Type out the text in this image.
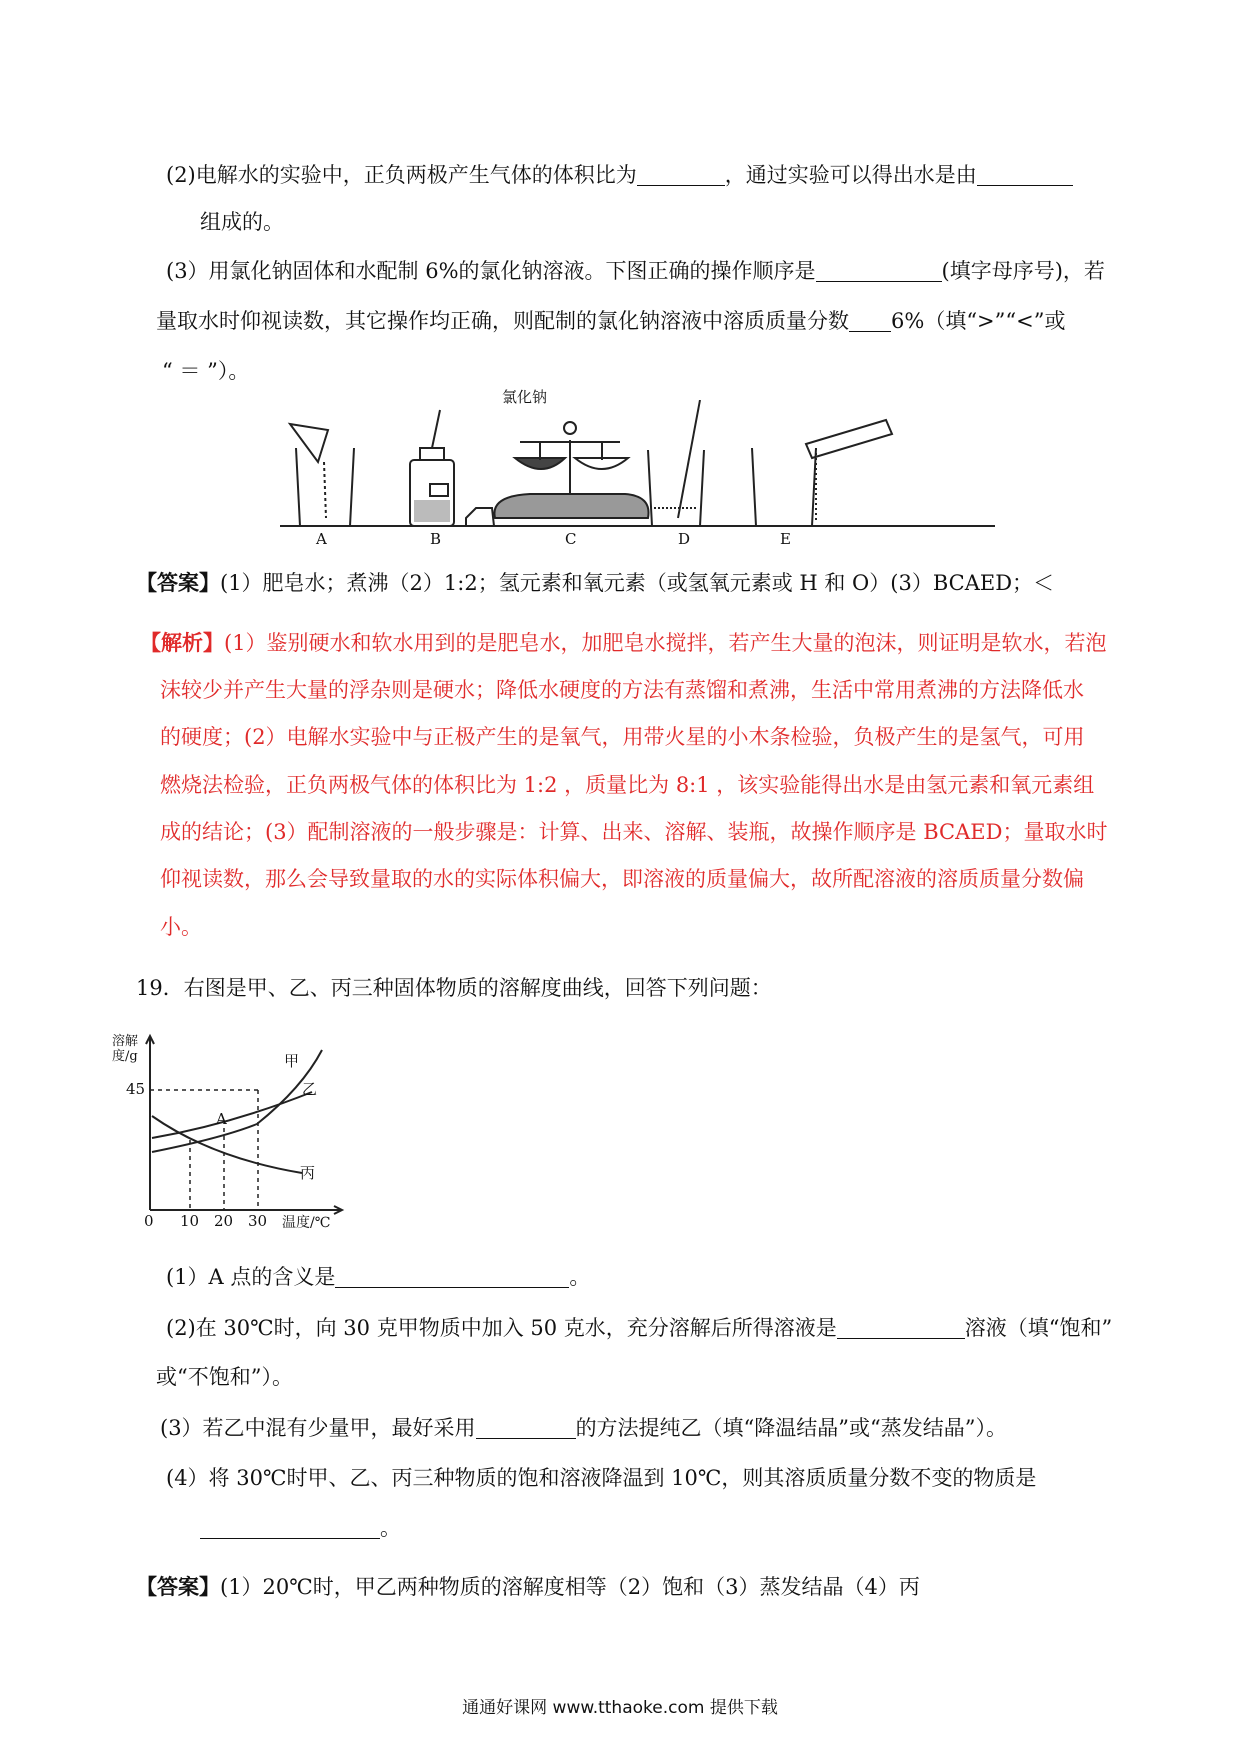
(2)电解水的实验中，正负两极产生气体的体积比为	，通过实验可以得出水是由
组成的。
(3）用氯化钠固体和水配制 6%的氯化钠溶液。下图正确的操作顺序是	(填字母序号)，若
量取水时仰视读数，其它操作均正确，则配制的氯化钠溶液中溶质质量分数 6%（填“>”“<”或
“ ＝ ”）。
氯化钠
A	B	C	D	E
【答案】(1）肥皂水；煮沸（2）1:2；氢元素和氧元素（或氢氧元素或 H 和 O）(3）BCAED；＜
【解析】(1）鉴别硬水和软水用到的是肥皂水，加肥皂水搅拌，若产生大量的泡沫，则证明是软水，若泡
沫较少并产生大量的浮杂则是硬水；降低水硬度的方法有蒸馏和煮沸，生活中常用煮沸的方法降低水
的硬度；(2）电解水实验中与正极产生的是氧气，用带火星的小木条检验，负极产生的是氢气，可用
燃烧法检验，正负两极气体的体积比为 1:2 ，质量比为 8:1 ，该实验能得出水是由氢元素和氧元素组
成的结论；(3）配制溶液的一般步骤是：计算、出来、溶解、装瓶，故操作顺序是 BCAED；量取水时
仰视读数，那么会导致量取的水的实际体积偏大，即溶液的质量偏大，故所配溶液的溶质质量分数偏
小。
19．右图是甲、乙、丙三种固体物质的溶解度曲线，回答下列问题：
溶解度/g
45
0 10 20 30 温度/℃
A
甲
乙
丙
(1）A 点的含义是	。
(2)在 30℃时，向 30 克甲物质中加入 50 克水，充分溶解后所得溶液是	溶液（填“饱和”
或“不饱和”）。
(3）若乙中混有少量甲，最好采用	的方法提纯乙（填“降温结晶”或“蒸发结晶”）。
(4）将 30℃时甲、乙、丙三种物质的饱和溶液降温到 10℃，则其溶质质量分数不变的物质是
。
【答案】(1）20℃时，甲乙两种物质的溶解度相等（2）饱和（3）蒸发结晶（4）丙
通通好课网 www.tthaoke.com 提供下载
